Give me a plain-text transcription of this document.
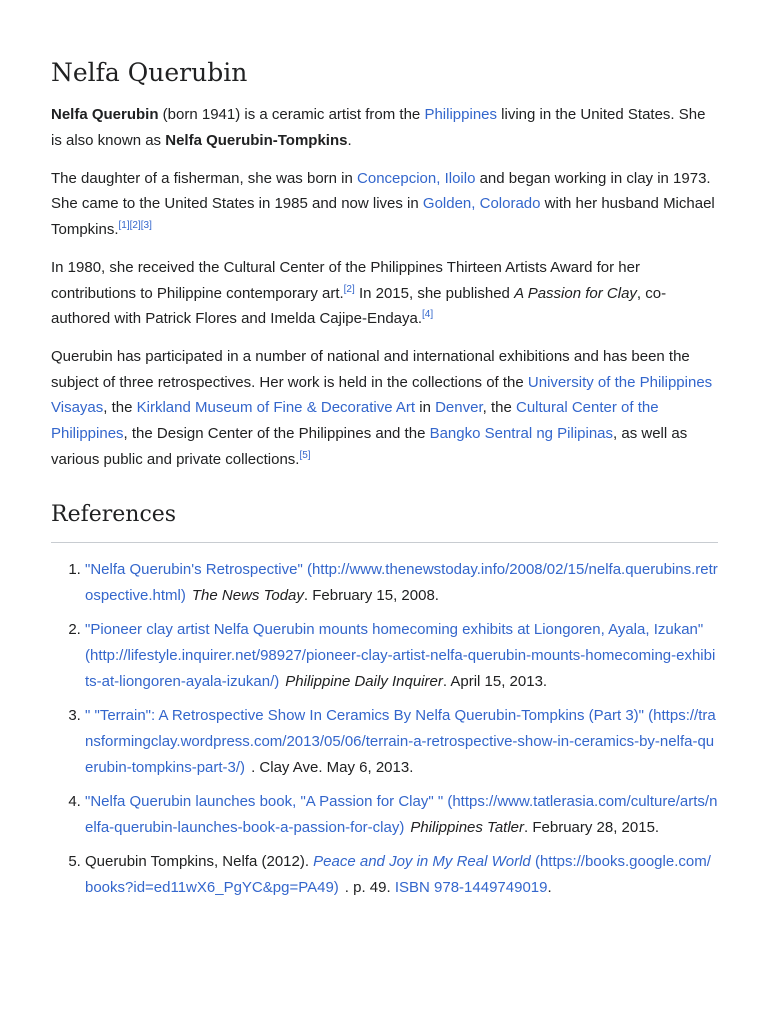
Nelfa Querubin

Nelfa Querubin (born 1941) is a ceramic artist from the Philippines living in the United States. She is also known as Nelfa Querubin-Tompkins.

The daughter of a fisherman, she was born in Concepcion, Iloilo and began working in clay in 1973. She came to the United States in 1985 and now lives in Golden, Colorado with her husband Michael Tompkins.[1][2][3]

In 1980, she received the Cultural Center of the Philippines Thirteen Artists Award for her contributions to Philippine contemporary art.[2] In 2015, she published A Passion for Clay, co-authored with Patrick Flores and Imelda Cajipe-Endaya.[4]

Querubin has participated in a number of national and international exhibitions and has been the subject of three retrospectives. Her work is held in the collections of the University of the Philippines Visayas, the Kirkland Museum of Fine & Decorative Art in Denver, the Cultural Center of the Philippines, the Design Center of the Philippines and the Bangko Sentral ng Pilipinas, as well as various public and private collections.[5]

References
1. "Nelfa Querubin's Retrospective" (http://www.thenewstoday.info/2008/02/15/nelfa.querubins.retrospective.html) The News Today. February 15, 2008.
2. "Pioneer clay artist Nelfa Querubin mounts homecoming exhibits at Liongoren, Ayala, Izukan" (http://lifestyle.inquirer.net/98927/pioneer-clay-artist-nelfa-querubin-mounts-homecoming-exhibits-at-liongoren-ayala-izukan/) Philippine Daily Inquirer. April 15, 2013.
3. " "Terrain": A Retrospective Show In Ceramics By Nelfa Querubin-Tompkins (Part 3)" (https://transformingclay.wordpress.com/2013/05/06/terrain-a-retrospective-show-in-ceramics-by-nelfa-querubin-tompkins-part-3/) . Clay Ave. May 6, 2013.
4. "Nelfa Querubin launches book, "A Passion for Clay" " (https://www.tatlerasia.com/culture/arts/nelfa-querubin-launches-book-a-passion-for-clay) Philippines Tatler. February 28, 2015.
5. Querubin Tompkins, Nelfa (2012). Peace and Joy in My Real World (https://books.google.com/books?id=ed11wX6_PgYC&pg=PA49) . p. 49. ISBN 978-1449749019.
